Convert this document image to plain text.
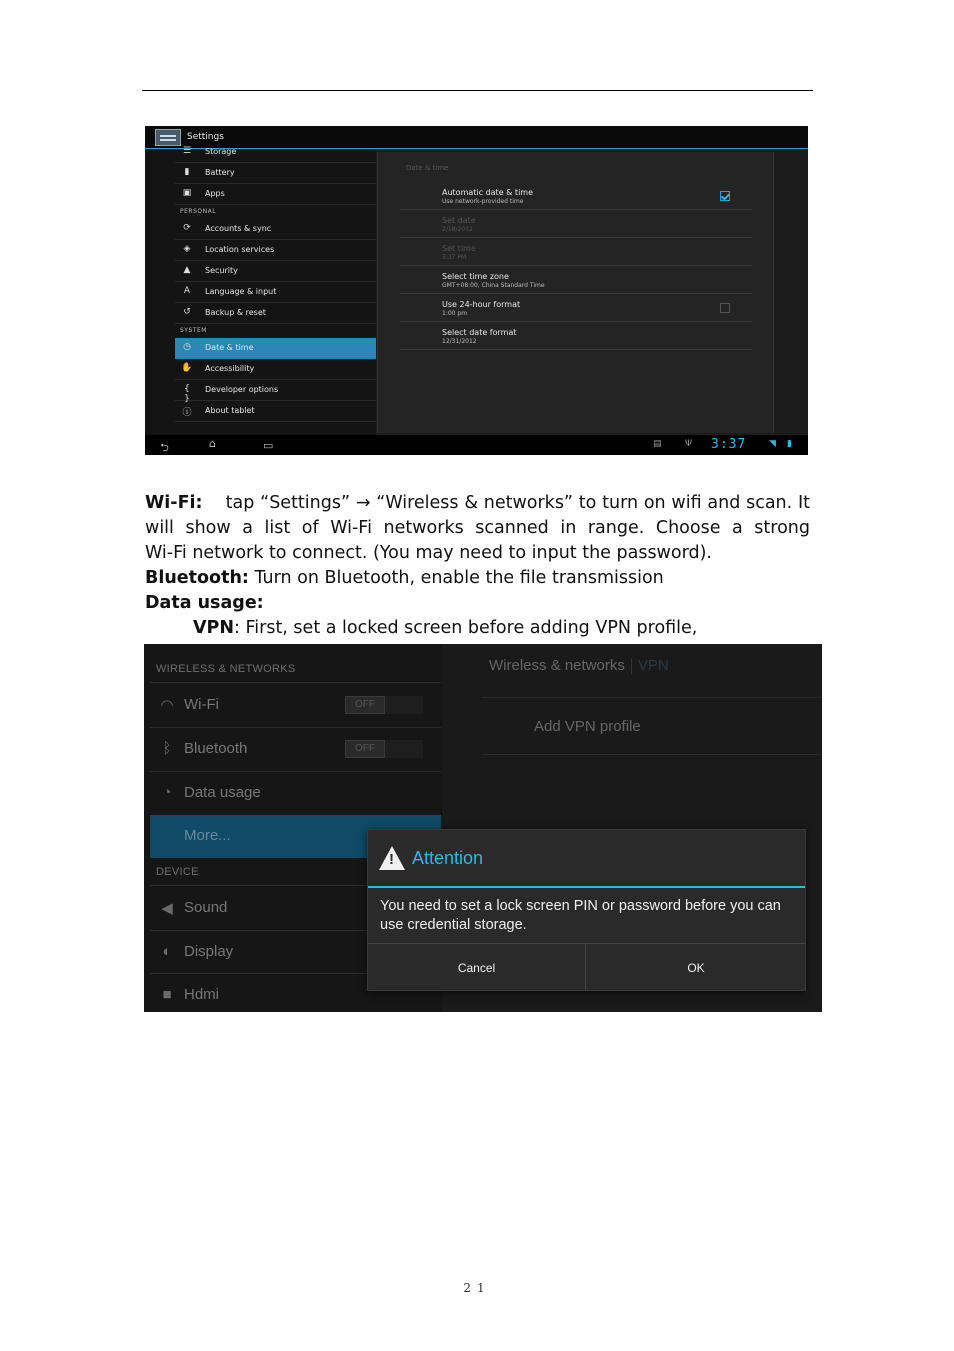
Settings
☰	Storage
▮	Battery
▣	Apps
PERSONAL
⟳	Accounts & sync
◈	Location services
▲	Security
A	Language & input
↺	Backup & reset
SYSTEM
◷	Date & time
✋ Accessibility
{ }
Developer options
ⓘ	About tablet
Date & time
Automatic date & time
Use network-provided time
Set date
2/18/2012
Set time
3:37 PM
Select time zone
GMT+08:00, China Standard Time
Use 24-hour format
1:00 pm
Select date format
12/31/2012
⮌	⌂	▭	▤	Ψ 3:37	◥ ▮
Wi-Fi: tap “Settings” → “Wireless & networks” to turn on wifi and scan. It
will show a list of Wi-Fi networks scanned in range. Choose a strong
Wi-Fi network to connect. (You may need to input the password).
Bluetooth: Turn on Bluetooth, enable the file transmission
Data usage:
VPN: First, set a locked screen before adding VPN profile,
WIRELESS & NETWORKS
◠ Wi-Fi	OFF
ᛒ Bluetooth	OFF
◔ Data usage
More...
DEVICE
◀ Sound
◐ Display
■ Hdmi
Wireless & networks VPN
Add VPN profile
!
Attention
You need to set a lock screen PIN or password before you can use credential storage.
Cancel	OK
21
